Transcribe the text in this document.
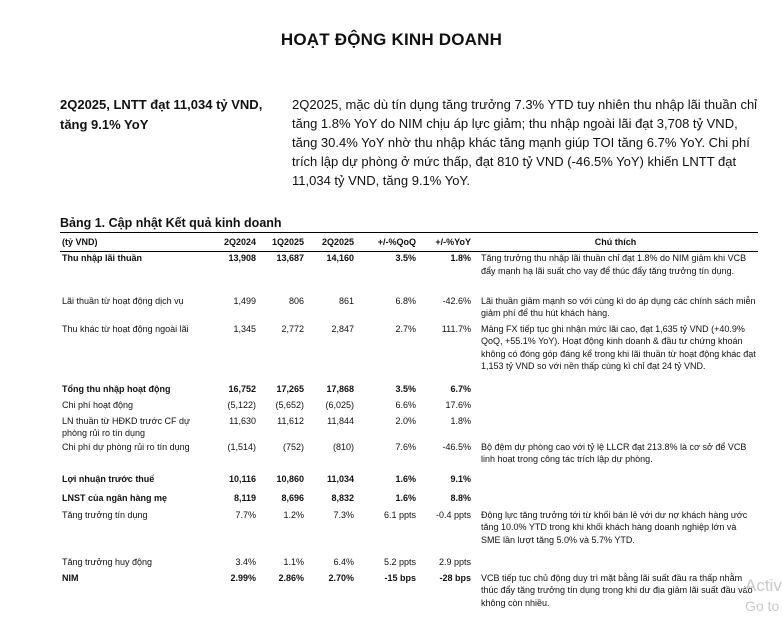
HOẠT ĐỘNG KINH DOANH
2Q2025, LNTT đạt 11,034 tỷ VND, tăng 9.1% YoY
2Q2025, mặc dù tín dụng tăng trưởng 7.3% YTD tuy nhiên thu nhập lãi thuần chỉ tăng 1.8% YoY do NIM chịu áp lực giảm; thu nhập ngoài lãi đạt 3,708 tỷ VND, tăng 30.4% YoY nhờ thu nhập khác tăng mạnh giúp TOI tăng 6.7% YoY. Chi phí trích lập dự phòng ở mức thấp, đạt 810 tỷ VND (-46.5% YoY) khiến LNTT đạt 11,034 tỷ VND, tăng 9.1% YoY.
Bảng 1. Cập nhật Kết quả kinh doanh
(tỷ VND)	2Q2024	1Q2025	2Q2025	+/-%QoQ	+/-%YoY	Chú thích
Thu nhập lãi thuần	13,908	13,687	14,160	3.5%	1.8%	Tăng trưởng thu nhập lãi thuần chỉ đạt 1.8% do NIM giảm khi VCB đẩy mạnh hạ lãi suất cho vay để thúc đẩy tăng trưởng tín dụng.
Lãi thuần từ hoạt động dịch vụ	1,499	806	861	6.8%	-42.6%	Lãi thuần giảm mạnh so với cùng kì do áp dụng các chính sách miễn giảm phí để thu hút khách hàng.
Thu khác từ hoạt động ngoài lãi	1,345	2,772	2,847	2.7%	111.7%	Mảng FX tiếp tục ghi nhận mức lãi cao, đạt 1,635 tỷ VND (+40.9% QoQ, +55.1% YoY). Hoạt động kinh doanh & đầu tư chứng khoán không có đóng góp đáng kể trong khi lãi thuần từ hoạt động khác đạt 1,153 tỷ VND so với nền thấp cùng kì chỉ đạt 24 tỷ VND.
Tổng thu nhập hoạt động	16,752	17,265	17,868	3.5%	6.7%	
Chi phí hoạt động	(5,122)	(5,652)	(6,025)	6.6%	17.6%	
LN thuần từ HĐKD trước CF dự phòng rủi ro tín dụng	11,630	11,612	11,844	2.0%	1.8%	
Chi phí dự phòng rủi ro tín dụng	(1,514)	(752)	(810)	7.6%	-46.5%	Bộ đệm dự phòng cao với tỷ lệ LLCR đạt 213.8% là cơ sở để VCB linh hoạt trong công tác trích lập dự phòng.
Lợi nhuận trước thuế	10,116	10,860	11,034	1.6%	9.1%	
LNST của ngân hàng mẹ	8,119	8,696	8,832	1.6%	8.8%	
Tăng trưởng tín dụng	7.7%	1.2%	7.3%	6.1 ppts	-0.4 ppts	Động lực tăng trưởng tới từ khối bán lẻ với dư nợ khách hàng ước tăng 10.0% YTD trong khi khối khách hàng doanh nghiệp lớn và SME lần lượt tăng 5.0% và 5.7% YTD.
Tăng trưởng huy động	3.4%	1.1%	6.4%	5.2 ppts	2.9 ppts	
NIM	2.99%	2.86%	2.70%	-15 bps	-28 bps	VCB tiếp tục chủ động duy trì mặt bằng lãi suất đầu ra thấp nhằm thúc đẩy tăng trưởng tín dụng trong khi dư địa giảm lãi suất đầu vào không còn nhiều.
Activ
Go to
